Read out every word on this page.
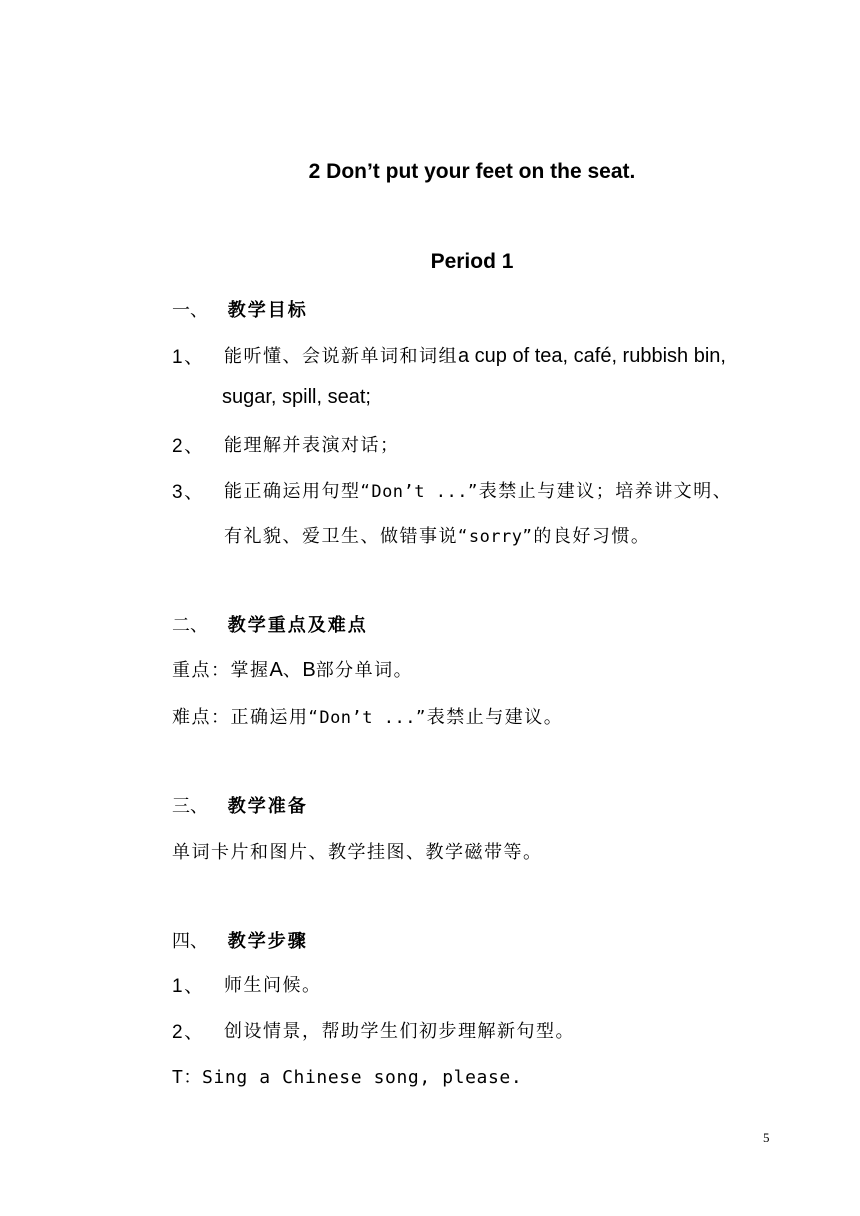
2 Don’t put your feet on the seat.
Period 1
一、 教学目标
1、 能听懂、会说新单词和词组a cup of tea, café, rubbish bin,
sugar, spill, seat;
2、 能理解并表演对话；
3、 能正确运用句型“Don’t ...”表禁止与建议；培养讲文明、
有礼貌、爱卫生、做错事说“sorry”的良好习惯。
二、 教学重点及难点
重点：掌握A、B部分单词。
难点：正确运用“Don’t ...”表禁止与建议。
三、 教学准备
单词卡片和图片、教学挂图、教学磁带等。
四、 教学步骤
1、 师生问候。
2、 创设情景，帮助学生们初步理解新句型。
T：Sing a Chinese song, please.
5
